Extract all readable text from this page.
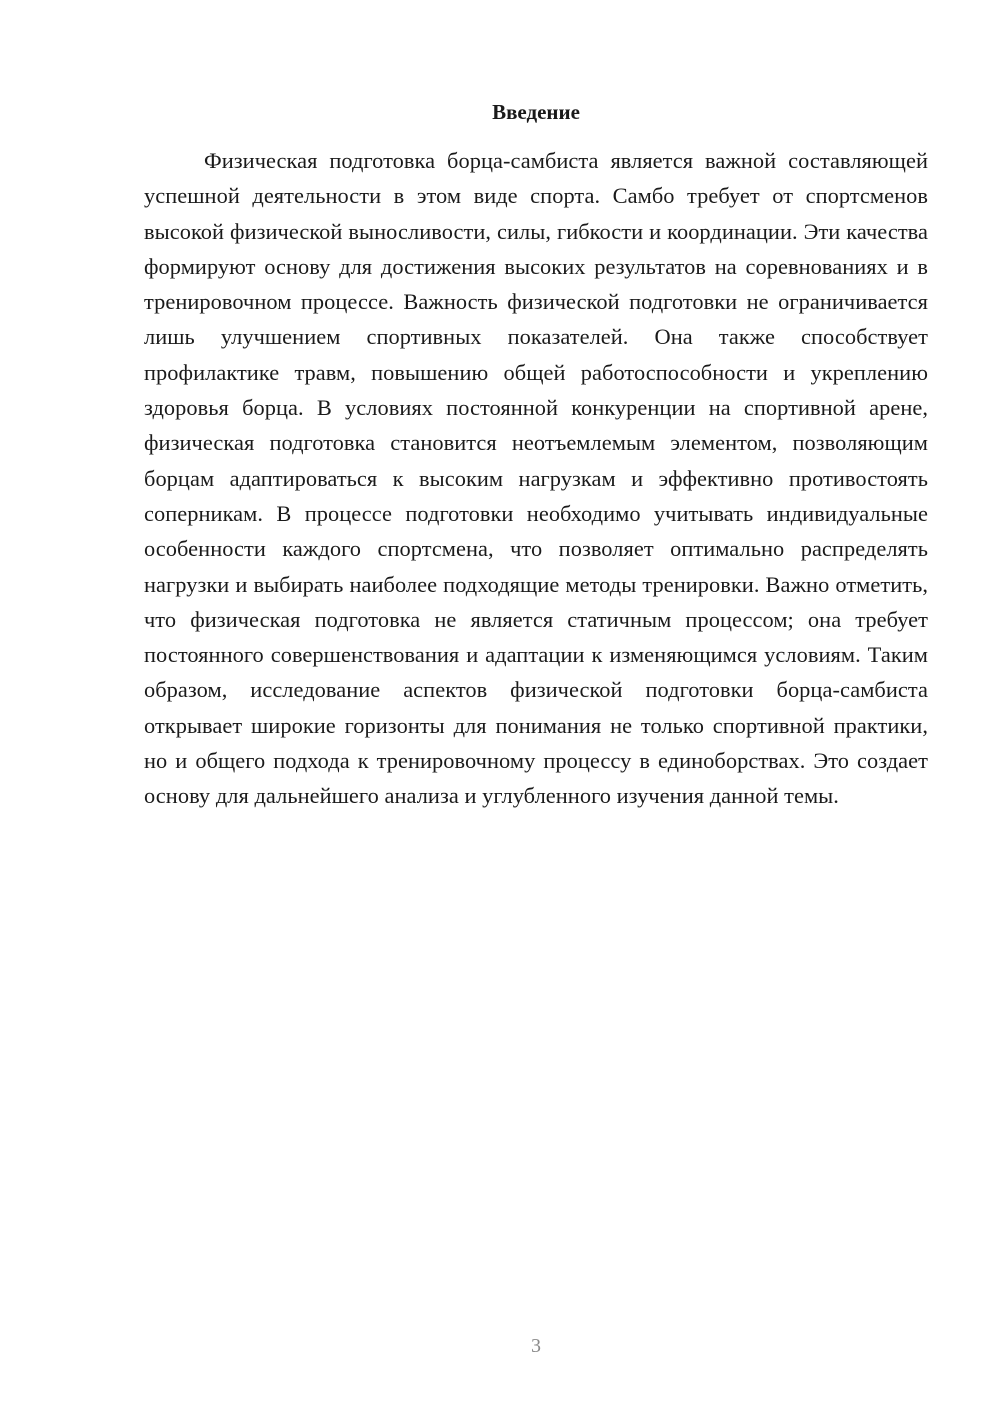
Введение

Физическая подготовка борца-самбиста является важной составляющей успешной деятельности в этом виде спорта. Самбо требует от спортсменов высокой физической выносливости, силы, гибкости и координации. Эти качества формируют основу для достижения высоких результатов на соревнованиях и в тренировочном процессе. Важность физической подготовки не ограничивается лишь улучшением спортивных показателей. Она также способствует профилактике травм, повышению общей работоспособности и укреплению здоровья борца. В условиях постоянной конкуренции на спортивной арене, физическая подготовка становится неотъемлемым элементом, позволяющим борцам адаптироваться к высоким нагрузкам и эффективно противостоять соперникам. В процессе подготовки необходимо учитывать индивидуальные особенности каждого спортсмена, что позволяет оптимально распределять нагрузки и выбирать наиболее подходящие методы тренировки. Важно отметить, что физическая подготовка не является статичным процессом; она требует постоянного совершенствования и адаптации к изменяющимся условиям. Таким образом, исследование аспектов физической подготовки борца-самбиста открывает широкие горизонты для понимания не только спортивной практики, но и общего подхода к тренировочному процессу в единоборствах. Это создает основу для дальнейшего анализа и углубленного изучения данной темы.

3
